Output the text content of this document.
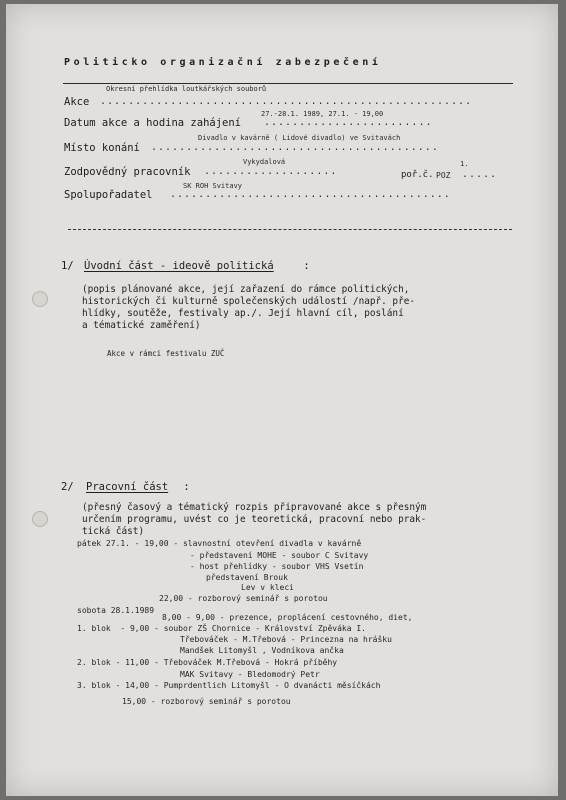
Politicko organizační zabezpečení
Okresní přehlídka loutkářských souborů
Akce .....................................................
27.-28.1. 1989, 27.1. - 19,00
Datum akce a hodina zahájení ........................
Divadlo v kavárně ( Lidové divadlo) ve Svitavách
Místo konání .........................................
Vykydalová	1.
Zodpovědný pracovník ...................	poř.č. POZ .....
SK ROH Svitavy
Spolupořadatel ........................................
1/ Úvodní část - ideově politická :
(popis plánované akce, její zařazení do rámce politických,
historických či kulturně společenských událostí /např. pře-
hlídky, soutěže, festivaly ap./. Její hlavní cíl, poslání
a tématické zaměření)
Akce v rámci festivalu ZUČ
2/ Pracovní část :
(přesný časový a tématický rozpis připravované akce s přesným
určením programu, uvést co je teoretická, pracovní nebo prak-
tická část)
pátek 27.1. - 19,00 - slavnostní otevření divadla v kavárně
- představení MOHE - soubor C Svitavy
- host přehlídky - soubor VHS Vsetín
představení Brouk
Lev v kleci
22,00 - rozborový seminář s porotou
sobota 28.1.1989
8,00 - 9,00 - prezence, proplácení cestovného, diet,
1. blok  - 9,00 - soubor ZŠ Chornice - Království Zpěváka I.
Třebováček - M.Třebová - Princezna na hrášku
Mandšek Litomyšl , Vodníkova ančka
2. blok - 11,00 - Třebováček M.Třebová - Hokrá příběhy
MAK Svitavy - Bledomodrý Petr
3. blok - 14,00 - Pumprdentlich Litomyšl - O dvanácti měsíčkách
15,00 - rozborový seminář s porotou
